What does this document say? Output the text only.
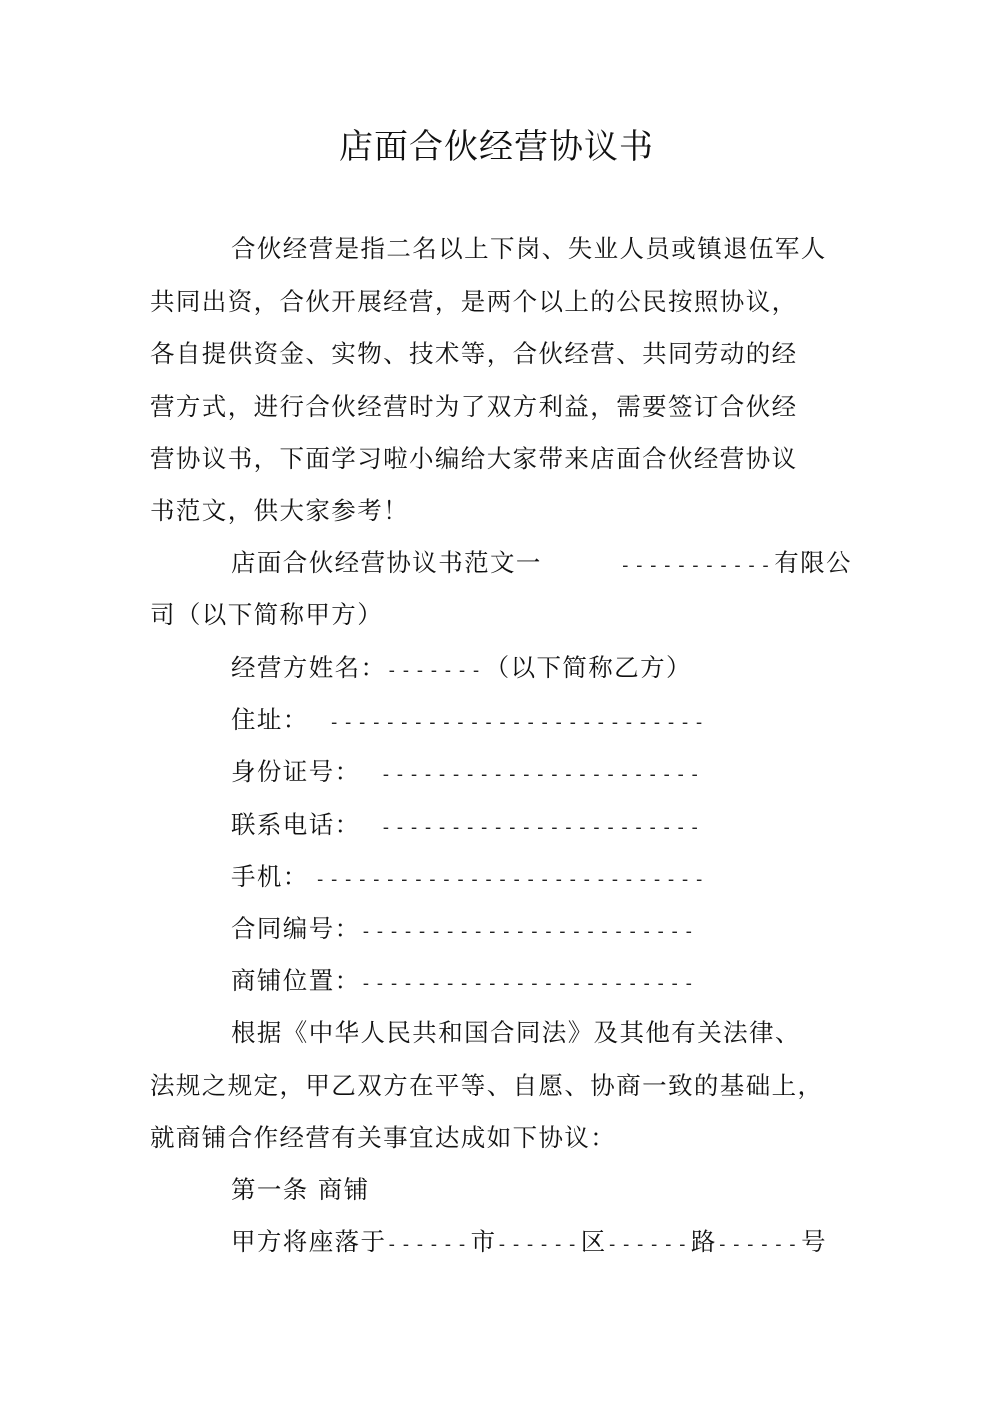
店面合伙经营协议书
合伙经营是指二名以上下岗、失业人员或镇退伍军人
共同出资，合伙开展经营，是两个以上的公民按照协议，
各自提供资金、实物、技术等，合伙经营、共同劳动的经
营方式，进行合伙经营时为了双方利益，需要签订合伙经
营协议书，下面学习啦小编给大家带来店面合伙经营协议
书范文，供大家参考！
店面合伙经营协议书范文一	-----------有限公
司（以下简称甲方）
经营方姓名：-------（以下简称乙方）
住址： ---------------------------
身份证号： -----------------------
联系电话： -----------------------
手机： ----------------------------
合同编号：------------------------
商铺位置：------------------------
根据《中华人民共和国合同法》及其他有关法律、
法规之规定，甲乙双方在平等、自愿、协商一致的基础上，
就商铺合作经营有关事宜达成如下协议：
第一条 商铺
甲方将座落于------市------区------路------号
